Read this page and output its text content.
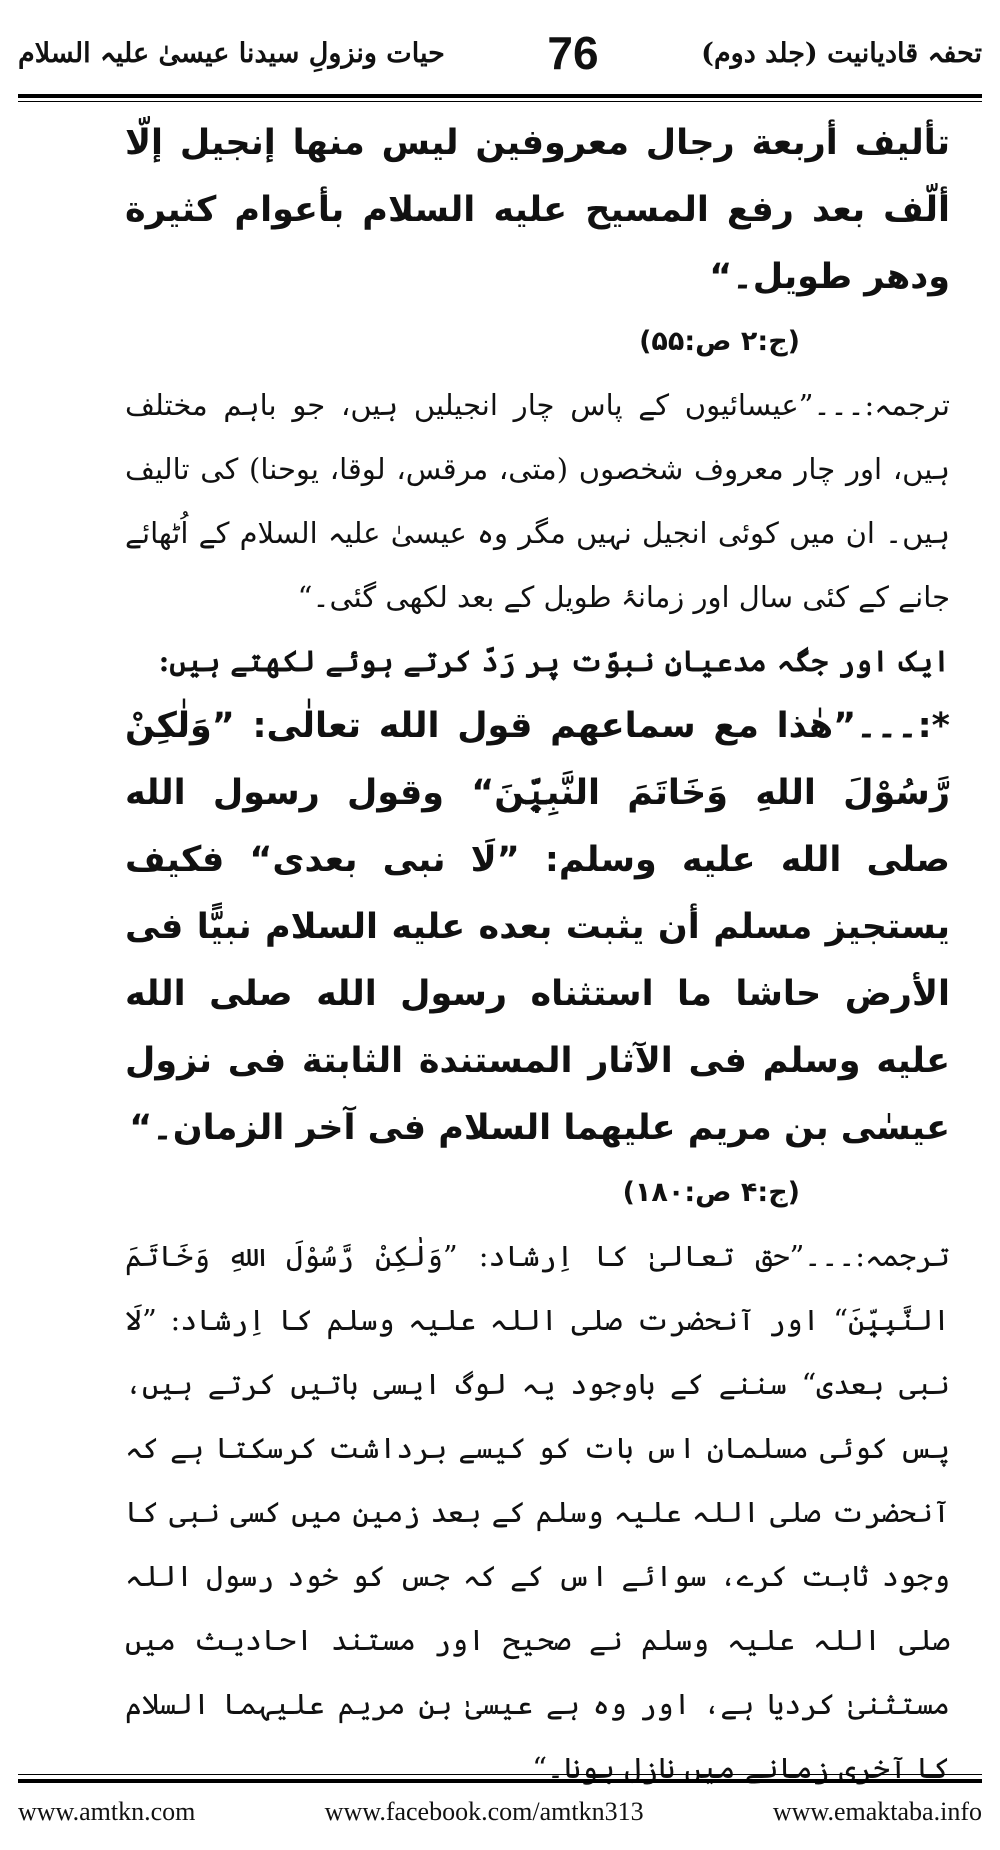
تحفہ قادیانیت (جلد دوم)
76
حیات ونزولِ سیدنا عیسیٰ علیہ السلام

تأليف أربعة رجال معروفين ليس منها إنجيل إلّا ألّف بعد رفع المسيح عليه السلام بأعوام كثيرة ودهر طويل۔“

(ج:۲ ص:۵۵)

ترجمہ:۔۔۔”عیسائیوں کے پاس چار انجیلیں ہیں، جو باہم مختلف ہیں، اور چار معروف شخصوں (متی، مرقس، لوقا، یوحنا) کی تالیف ہیں۔ ان میں کوئی انجیل نہیں مگر وہ عیسیٰ علیہ السلام کے اُٹھائے جانے کے کئی سال اور زمانۂ طویل کے بعد لکھی گئی۔“

ایک اور جگہ مدعیانِ نبوّت پر رَدّ کرتے ہوئے لکھتے ہیں:

*:۔۔۔”هٰذا مع سماعهم قول الله تعالٰى: ”وَلٰكِنْ رَّسُوْلَ اللهِ وَخَاتَمَ النَّبِيّٖنَ“ وقول رسول الله صلى الله عليه وسلم: ”لَا نبى بعدى“ فكيف يستجيز مسلم أن يثبت بعده عليه السلام نبيًّا فى الأرض حاشا ما استثناه رسول الله صلى الله عليه وسلم فى الآثار المستندة الثابتة فى نزول عيسٰى بن مريم عليهما السلام فى آخر الزمان۔“

(ج:۴ ص:۱۸۰)

ترجمہ:۔۔۔”حق تعالیٰ کا اِرشاد: ”وَلٰكِنْ رَّسُوْلَ اللهِ وَخَاتَمَ النَّبِيّٖنَ“ اور آنحضرت صلی اللہ علیہ وسلم کا اِرشاد: ”لَا نبی بعدی“ سننے کے باوجود یہ لوگ ایسی باتیں کرتے ہیں، پس کوئی مسلمان اس بات کو کیسے برداشت کرسکتا ہے کہ آنحضرت صلی اللہ علیہ وسلم کے بعد زمین میں کسی نبی کا وجود ثابت کرے، سوائے اس کے کہ جس کو خود رسول اللہ صلی اللہ علیہ وسلم نے صحیح اور مستند احادیث میں مستثنیٰ کردیا ہے، اور وہ ہے عیسیٰ بن مریم علیہما السلام کا آخری زمانے میں نازل ہونا۔“

www.amtkn.com	www.facebook.com/amtkn313	www.emaktaba.info
